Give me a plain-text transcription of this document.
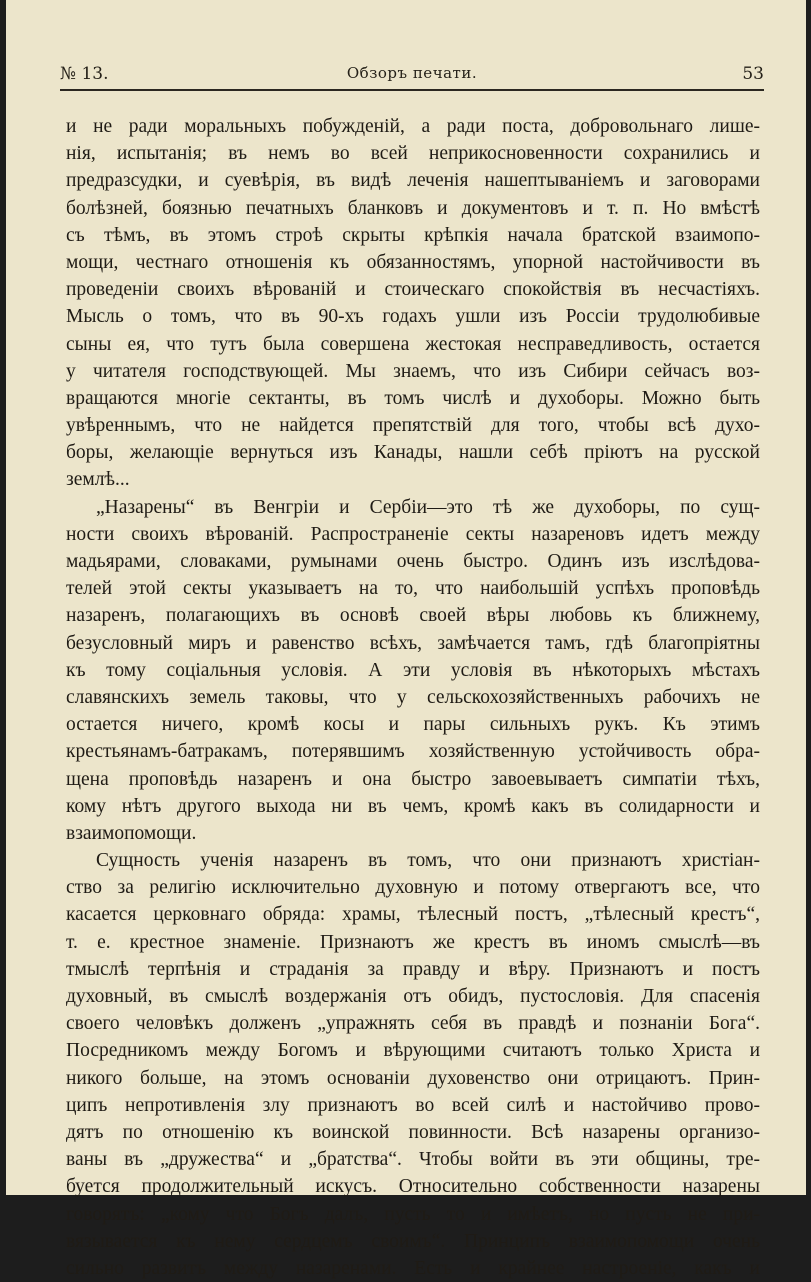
№ 13.	Обзоръ печати.	53
и не ради моральныхъ побужденій, а ради поста, добровольнаго лише-
нія, испытанія; въ немъ во всей неприкосновенности сохранились и
предразсудки, и суевѣрія, въ видѣ леченія нашептываніемъ и заговорами
болѣзней, боязнью печатныхъ бланковъ и документовъ и т. п. Но вмѣстѣ
съ тѣмъ, въ этомъ строѣ скрыты крѣпкія начала братской взаимопо-
мощи, честнаго отношенія къ обязанностямъ, упорной настойчивости въ
проведеніи своихъ вѣрованій и стоическаго спокойствія въ несчастіяхъ.
Мысль о томъ, что въ 90-хъ годахъ ушли изъ Россіи трудолюбивые
сыны ея, что тутъ была совершена жестокая несправедливость, остается
у читателя господствующей. Мы знаемъ, что изъ Сибири сейчасъ воз-
вращаются многіе сектанты, въ томъ числѣ и духоборы. Можно быть
увѣреннымъ, что не найдется препятствій для того, чтобы всѣ духо-
боры, желающіе вернуться изъ Канады, нашли себѣ пріютъ на русской
землѣ...
„Назарены“ въ Венгріи и Сербіи—это тѣ же духоборы, по сущ-
ности своихъ вѣрованій. Распространеніе секты назареновъ идетъ между
мадьярами, словаками, румынами очень быстро. Одинъ изъ изслѣдова-
телей этой секты указываетъ на то, что наибольшій успѣхъ проповѣдь
назаренъ, полагающихъ въ основѣ своей вѣры любовь къ ближнему,
безусловный миръ и равенство всѣхъ, замѣчается тамъ, гдѣ благопріятны
къ тому соціальныя условія. А эти условія въ нѣкоторыхъ мѣстахъ
славянскихъ земель таковы, что у сельскохозяйственныхъ рабочихъ не
остается ничего, кромѣ косы и пары сильныхъ рукъ. Къ этимъ
крестьянамъ-батракамъ, потерявшимъ хозяйственную устойчивость обра-
щена проповѣдь назаренъ и она быстро завоевываетъ симпатіи тѣхъ,
кому нѣтъ другого выхода ни въ чемъ, кромѣ какъ въ солидарности и
взаимопомощи.
Сущность ученія назаренъ въ томъ, что они признаютъ христіан-
ство за религію исключительно духовную и потому отвергаютъ все, что
касается церковнаго обряда: храмы, тѣлесный постъ, „тѣлесный крестъ“,
т. е. крестное знаменіе. Признаютъ же крестъ въ иномъ смыслѣ—въ
тмыслѣ терпѣнія и страданія за правду и вѣру. Признаютъ и постъ
духовный, въ смыслѣ воздержанія отъ обидъ, пустословія. Для спасенія
своего человѣкъ долженъ „упражнять себя въ правдѣ и познаніи Бога“.
Посредникомъ между Богомъ и вѣрующими считаютъ только Христа и
никого больше, на этомъ основаніи духовенство они отрицаютъ. Прин-
ципъ непротивленія злу признаютъ во всей силѣ и настойчиво прово-
дятъ по отношенію къ воинской повинности. Всѣ назарены организо-
ваны въ „дружества“ и „братства“. Чтобы войти въ эти общины, тре-
буется продолжительный искусъ. Относительно собственности назарены
говорятъ: „кому что Богъ далъ, пусть то и имѣетъ, но пусть не при-
вязывается къ нему сердцемъ своимъ“. Принципъ взаимопомощи очень
сильно развитъ между назаренами. Есть и крайнее настроеніе, какъ и
